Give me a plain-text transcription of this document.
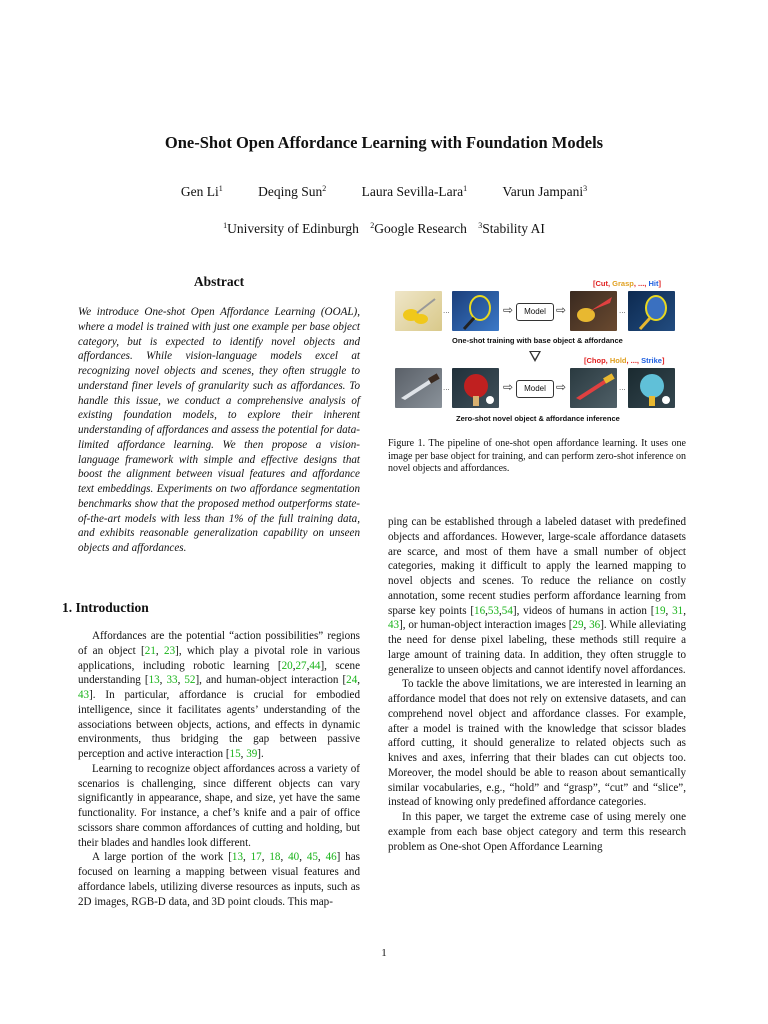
One-Shot Open Affordance Learning with Foundation Models
Gen Li$^1$	Deqing Sun$^2$	Laura Sevilla-Lara$^1$	Varun Jampani$^3$
$^1$University of Edinburgh $^2$Google Research $^3$Stability AI
Abstract
We introduce One-shot Open Affordance Learning (OOAL), where a model is trained with just one example per base object category, but is expected to identify novel objects and affordances. While vision-language models excel at recognizing novel objects and scenes, they often struggle to understand finer levels of granularity such as affordances. To handle this issue, we conduct a comprehensive analysis of existing foundation models, to explore their inherent understanding of affordances and assess the potential for data-limited affordance learning. We then propose a vision-language framework with simple and effective designs that boost the alignment between visual features and affordance text embeddings. Experiments on two affordance segmentation benchmarks show that the proposed method outperforms state-of-the-art models with less than 1% of the full training data, and exhibits reasonable generalization capability on unseen objects and affordances.
1. Introduction

Affordances are the potential “action possibilities” regions of an object [21, 23], which play a pivotal role in various applications, including robotic learning [20,27,44], scene understanding [13, 33, 52], and human-object interaction [24, 43]. In particular, affordance is crucial for embodied intelligence, since it facilitates agents’ understanding of the associations between objects, actions, and effects in dynamic environments, thus bridging the gap between passive perception and active interaction [15, 39].

Learning to recognize object affordances across a variety of scenarios is challenging, since different objects can vary significantly in appearance, shape, and size, yet have the same functionality. For instance, a chef’s knife and a pair of office scissors share common affordances of cutting and holding, but their blades and handles look different.

A large portion of the work [13, 17, 18, 40, 45, 46] has focused on learning a mapping between visual features and affordance labels, utilizing diverse resources as inputs, such as 2D images, RGB-D data, and 3D point clouds. This map-

[Cut, Grasp, ..., Hit]
...	⇨	Model ⇨	...
One-shot training with base object & affordance
[Chop, Hold, ..., Strike]
...	⇨	Model ⇨	...
Zero-shot novel object & affordance inference
Figure 1. The pipeline of one-shot open affordance learning. It uses one image per base object for training, and can perform zero-shot inference on novel objects and affordances.

ping can be established through a labeled dataset with predefined objects and affordances. However, large-scale affordance datasets are scarce, and most of them have a small number of object categories, making it difficult to apply the learned mapping to novel objects and scenes. To reduce the reliance on costly annotation, some recent studies perform affordance learning from sparse key points [16,53,54], videos of humans in action [19, 31, 43], or human-object interaction images [29, 36]. While alleviating the need for dense pixel labeling, these methods still require a large amount of training data. In addition, they often struggle to generalize to unseen objects and cannot identify novel affordances.

To tackle the above limitations, we are interested in learning an affordance model that does not rely on extensive datasets, and can comprehend novel object and affordance classes. For example, after a model is trained with the knowledge that scissor blades afford cutting, it should generalize to related objects such as knives and axes, inferring that their blades can cut objects too. Moreover, the model should be able to reason about semantically similar vocabularies, e.g., “hold” and “grasp”, “cut” and “slice”, instead of knowing only predefined affordance categories.

In this paper, we target the extreme case of using merely one example from each base object category and term this research problem as One-shot Open Affordance Learning

1
